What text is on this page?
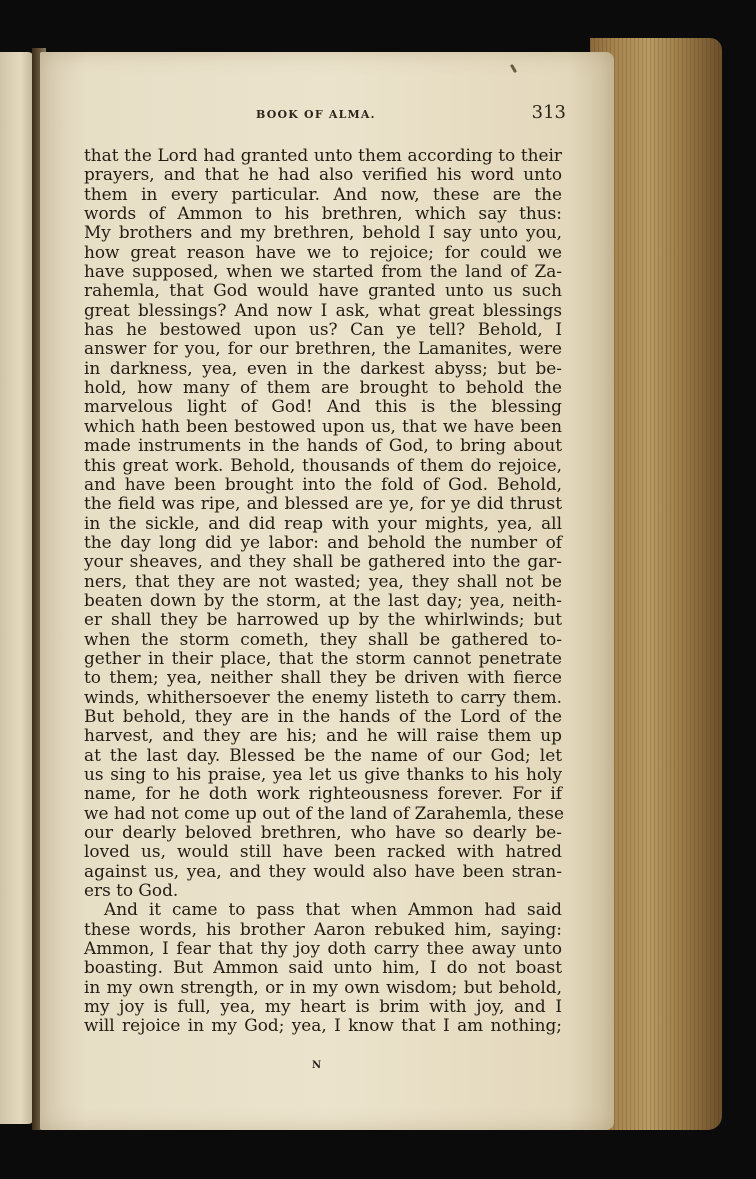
BOOK OF ALMA.	313
that the Lord had granted unto them according to their
prayers, and that he had also verified his word unto
them in every particular. And now, these are the
words of Ammon to his brethren, which say thus:
My brothers and my brethren, behold I say unto you,
how great reason have we to rejoice; for could we
have supposed, when we started from the land of Za-
rahemla, that God would have granted unto us such
great blessings? And now I ask, what great blessings
has he bestowed upon us? Can ye tell? Behold, I
answer for you, for our brethren, the Lamanites, were
in darkness, yea, even in the darkest abyss; but be-
hold, how many of them are brought to behold the
marvelous light of God! And this is the blessing
which hath been bestowed upon us, that we have been
made instruments in the hands of God, to bring about
this great work. Behold, thousands of them do rejoice,
and have been brought into the fold of God. Behold,
the field was ripe, and blessed are ye, for ye did thrust
in the sickle, and did reap with your mights, yea, all
the day long did ye labor: and behold the number of
your sheaves, and they shall be gathered into the gar-
ners, that they are not wasted; yea, they shall not be
beaten down by the storm, at the last day; yea, neith-
er shall they be harrowed up by the whirlwinds; but
when the storm cometh, they shall be gathered to-
gether in their place, that the storm cannot penetrate
to them; yea, neither shall they be driven with fierce
winds, whithersoever the enemy listeth to carry them.
But behold, they are in the hands of the Lord of the
harvest, and they are his; and he will raise them up
at the last day. Blessed be the name of our God; let
us sing to his praise, yea let us give thanks to his holy
name, for he doth work righteousness forever. For if
we had not come up out of the land of Zarahemla, these
our dearly beloved brethren, who have so dearly be-
loved us, would still have been racked with hatred
against us, yea, and they would also have been stran-
ers to God.
And it came to pass that when Ammon had said
these words, his brother Aaron rebuked him, saying:
Ammon, I fear that thy joy doth carry thee away unto
boasting. But Ammon said unto him, I do not boast
in my own strength, or in my own wisdom; but behold,
my joy is full, yea, my heart is brim with joy, and I
will rejoice in my God; yea, I know that I am nothing;
N
